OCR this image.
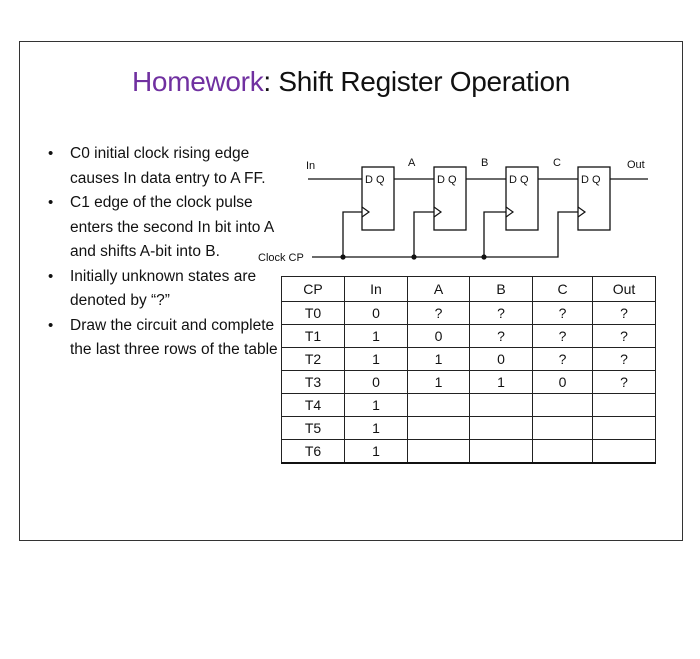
Homework: Shift Register Operation
• C0 initial clock rising edge causes In data entry to A FF.
• C1 edge of the clock pulse enters the second In bit into A and shifts A-bit into B.
• Initially unknown states are denoted by “?”
• Draw the circuit and complete the last three rows of the table
In
D Q	D Q	D Q	D Q
A	B	C	Out
Clock CP
CP	In	A	B	C	Out
T0	0	?	?	?	?
T1	1	0	?	?	?
T2	1	1	0	?	?
T3	0	1	1	0	?
T4	1				
T5	1				
T6	1				
